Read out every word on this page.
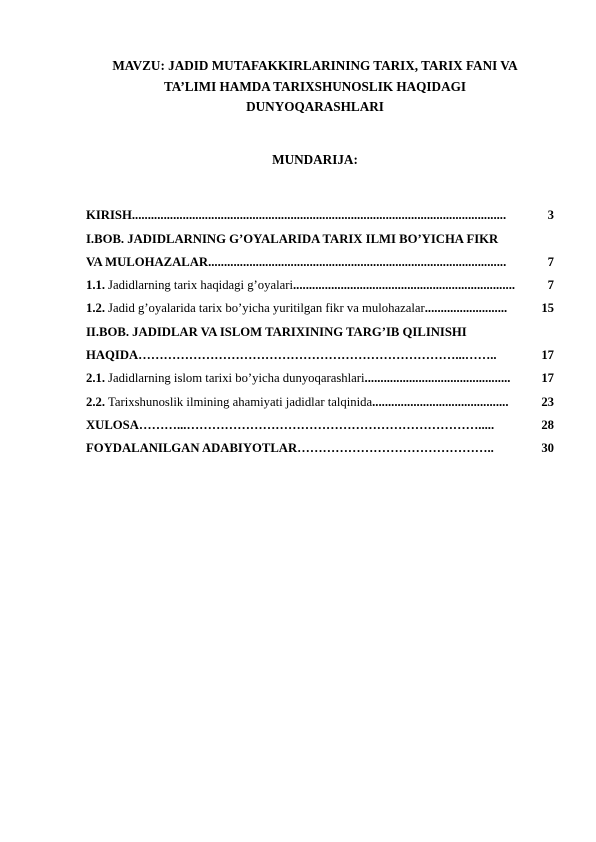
MAVZU: JADID MUTAFAKKIRLARINING TARIX, TARIX FANI VA
TA’LIMI HAMDA TARIXSHUNOSLIK HAQIDAGI
DUNYOQARASHLARI
MUNDARIJA:
KIRISH ......................................................................................................................	3
I.BOB. JADIDLARNING G’OYALARIDA TARIX ILMI BO’YICHA FIKR
VA MULOHAZALAR ..............................................................................................	7
1.1. Jadidlarning tarix haqidagi g’oyalari ......................................................................	7
1.2. Jadid g’oyalarida tarix bo’yicha yuritilgan fikr va mulohazalar ..........................	15
II.BOB. JADIDLAR VA ISLOM TARIXINING TARG’IB QILINISHI
HAQIDA …………………………………………………………………...……..	17
2.1. Jadidlarning islom tarixi bo’yicha dunyoqarashlari ..............................................	17
2.2. Tarixshunoslik ilmining ahamiyati jadidlar talqinida ...........................................	23
XULOSA ………...…………………………………………………………….....	28
FOYDALANILGAN ADABIYOTLAR ………………………………………..	30
